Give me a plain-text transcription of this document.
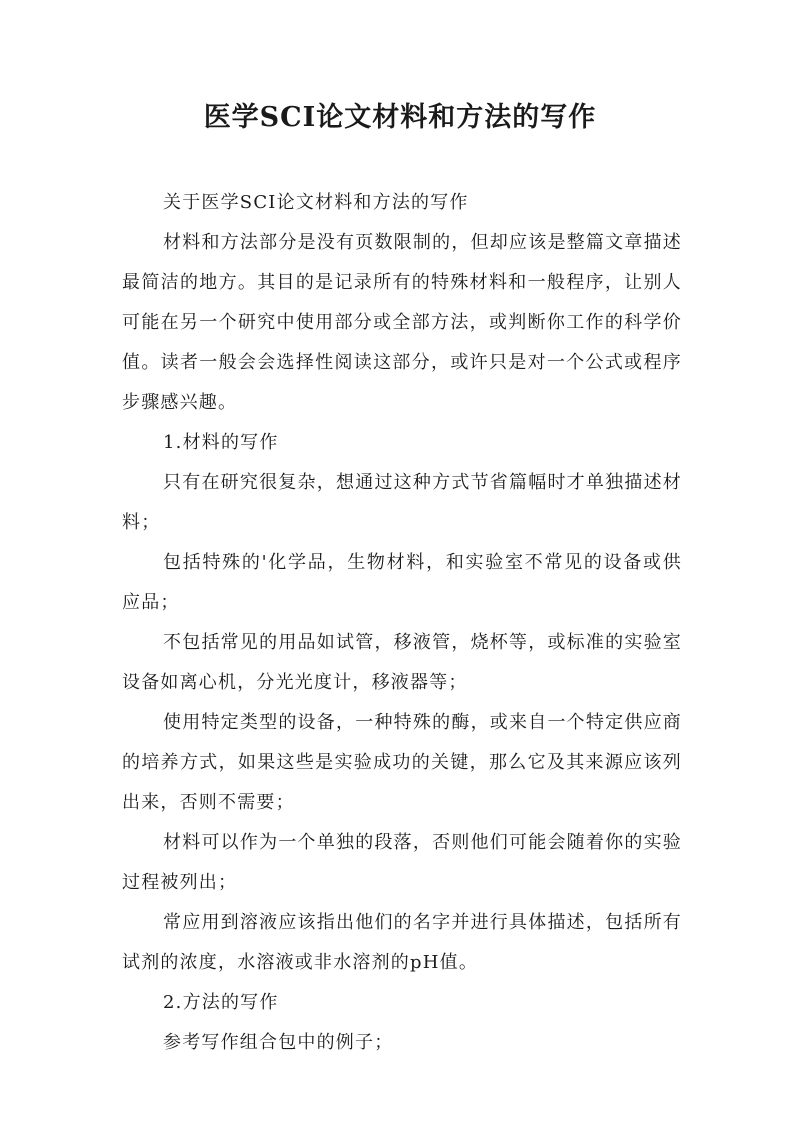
医学SCI论文材料和方法的写作

关于医学SCI论文材料和方法的写作

材料和方法部分是没有页数限制的，但却应该是整篇文章描述最简洁的地方。其目的是记录所有的特殊材料和一般程序，让别人可能在另一个研究中使用部分或全部方法，或判断你工作的科学价值。读者一般会会选择性阅读这部分，或许只是对一个公式或程序步骤感兴趣。

1.材料的写作

只有在研究很复杂，想通过这种方式节省篇幅时才单独描述材料；

包括特殊的'化学品，生物材料，和实验室不常见的设备或供应品；

不包括常见的用品如试管，移液管，烧杯等，或标准的实验室设备如离心机，分光光度计，移液器等；

使用特定类型的设备，一种特殊的酶，或来自一个特定供应商的培养方式，如果这些是实验成功的关键，那么它及其来源应该列出来，否则不需要；

材料可以作为一个单独的段落，否则他们可能会随着你的实验过程被列出；

常应用到溶液应该指出他们的名字并进行具体描述，包括所有试剂的浓度，水溶液或非水溶剂的pH值。

2.方法的写作

参考写作组合包中的例子；
